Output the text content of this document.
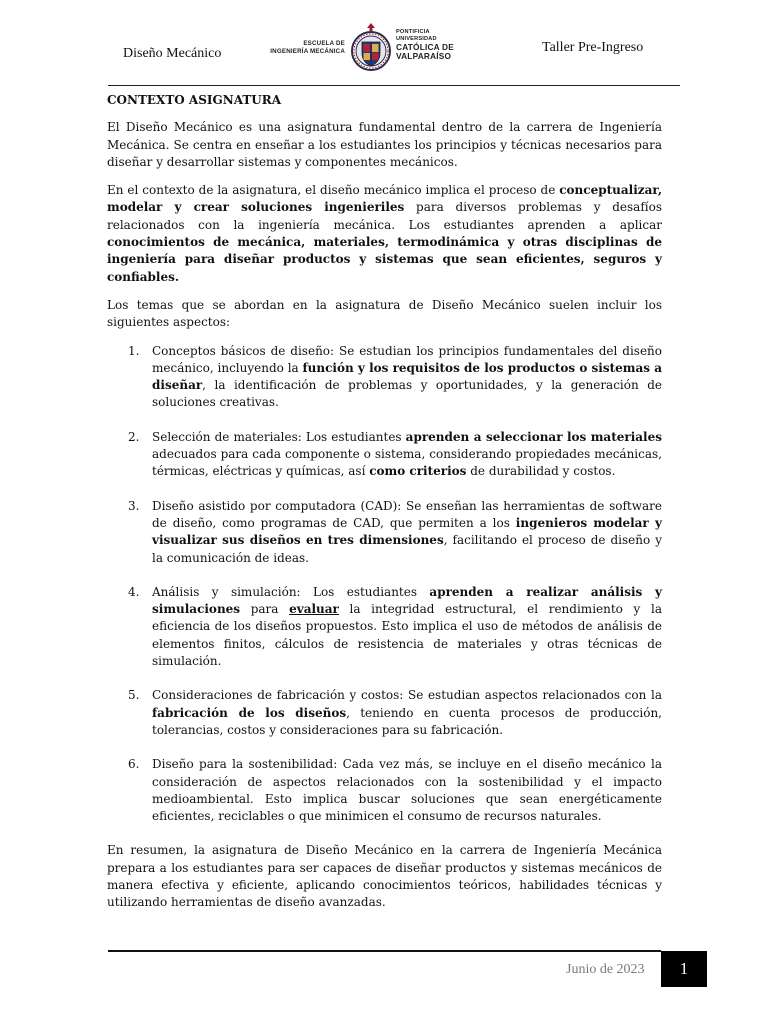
Diseño Mecánico
ESCUELA DE
INGENIERÍA MECÁNICA
PONTIFICIA
UNIVERSIDAD
CATÓLICA DE
VALPARAÍSO
Taller Pre-Ingreso

CONTEXTO ASIGNATURA

El Diseño Mecánico es una asignatura fundamental dentro de la carrera de Ingeniería Mecánica. Se centra en enseñar a los estudiantes los principios y técnicas necesarios para diseñar y desarrollar sistemas y componentes mecánicos.

En el contexto de la asignatura, el diseño mecánico implica el proceso de conceptualizar, modelar y crear soluciones ingenieriles para diversos problemas y desafíos relacionados con la ingeniería mecánica. Los estudiantes aprenden a aplicar conocimientos de mecánica, materiales, termodinámica y otras disciplinas de ingeniería para diseñar productos y sistemas que sean eficientes, seguros y confiables.

Los temas que se abordan en la asignatura de Diseño Mecánico suelen incluir los siguientes aspectos:

1. Conceptos básicos de diseño: Se estudian los principios fundamentales del diseño mecánico, incluyendo la función y los requisitos de los productos o sistemas a diseñar, la identificación de problemas y oportunidades, y la generación de soluciones creativas.
2. Selección de materiales: Los estudiantes aprenden a seleccionar los materiales adecuados para cada componente o sistema, considerando propiedades mecánicas, térmicas, eléctricas y químicas, así como criterios de durabilidad y costos.
3. Diseño asistido por computadora (CAD): Se enseñan las herramientas de software de diseño, como programas de CAD, que permiten a los ingenieros modelar y visualizar sus diseños en tres dimensiones, facilitando el proceso de diseño y la comunicación de ideas.
4. Análisis y simulación: Los estudiantes aprenden a realizar análisis y simulaciones para evaluar la integridad estructural, el rendimiento y la eficiencia de los diseños propuestos. Esto implica el uso de métodos de análisis de elementos finitos, cálculos de resistencia de materiales y otras técnicas de simulación.
5. Consideraciones de fabricación y costos: Se estudian aspectos relacionados con la fabricación de los diseños, teniendo en cuenta procesos de producción, tolerancias, costos y consideraciones para su fabricación.
6. Diseño para la sostenibilidad: Cada vez más, se incluye en el diseño mecánico la consideración de aspectos relacionados con la sostenibilidad y el impacto medioambiental. Esto implica buscar soluciones que sean energéticamente eficientes, reciclables o que minimicen el consumo de recursos naturales.

En resumen, la asignatura de Diseño Mecánico en la carrera de Ingeniería Mecánica prepara a los estudiantes para ser capaces de diseñar productos y sistemas mecánicos de manera efectiva y eficiente, aplicando conocimientos teóricos, habilidades técnicas y utilizando herramientas de diseño avanzadas.

Junio de 2023	1
